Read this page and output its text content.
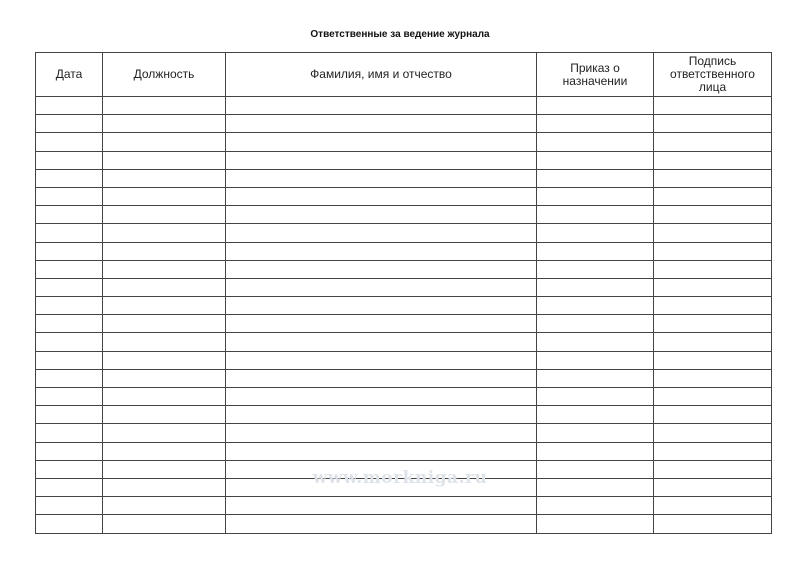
Ответственные за ведение журнала
Дата	Должность	Фамилия, имя и отчество	Приказ о назначении	Подпись ответственного лица

www.morkniga.ru
